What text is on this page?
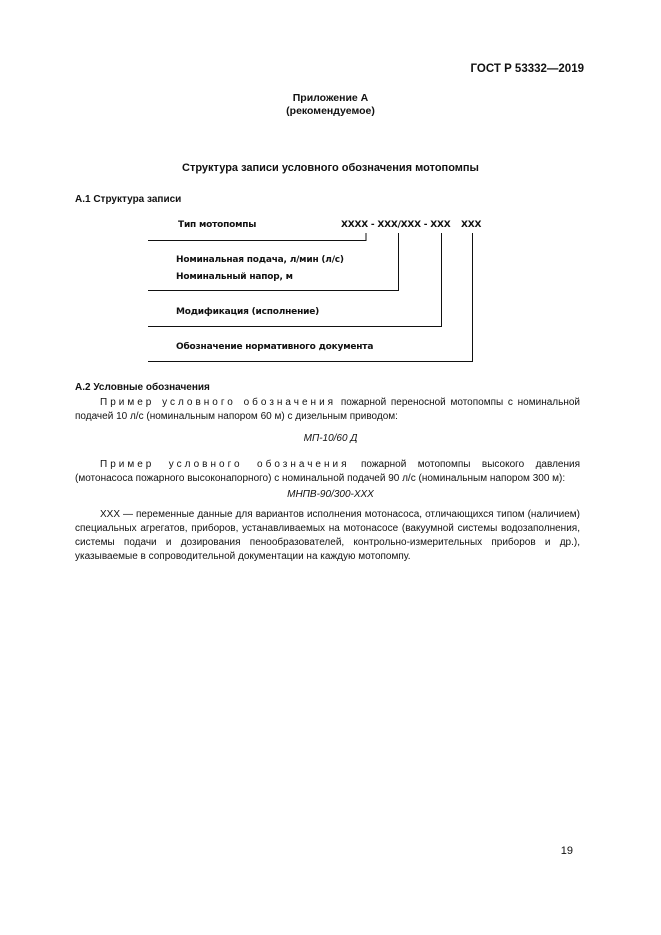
ГОСТ Р 53332—2019
Приложение А
(рекомендуемое)
Структура записи условного обозначения мотопомпы
А.1 Структура записи
Тип мотопомпы	ХХХХ - ХХХ/ХХХ - ХХХ ХХХ
Номинальная подача, л/мин (л/с)
Номинальный напор, м
Модификация (исполнение)
Обозначение нормативного документа
А.2 Условные обозначения
Пример условного обозначения пожарной переносной мотопомпы с номинальной подачей 10 л/с (номинальным напором 60 м) с дизельным приводом:
МП-10/60 Д
Пример условного обозначения пожарной мотопомпы высокого давления (мотонасоса пожарного высоконапорного) с номинальной подачей 90 л/с (номинальным напором 300 м):
МНПВ-90/300-ХХХ
ХХХ — переменные данные для вариантов исполнения мотонасоса, отличающихся типом (наличием) специальных агрегатов, приборов, устанавливаемых на мотонасосе (вакуумной системы водозаполнения, системы подачи и дозирования пенообразователей, контрольно-измерительных приборов и др.), указываемые в сопроводительной документации на каждую мотопомпу.
19
